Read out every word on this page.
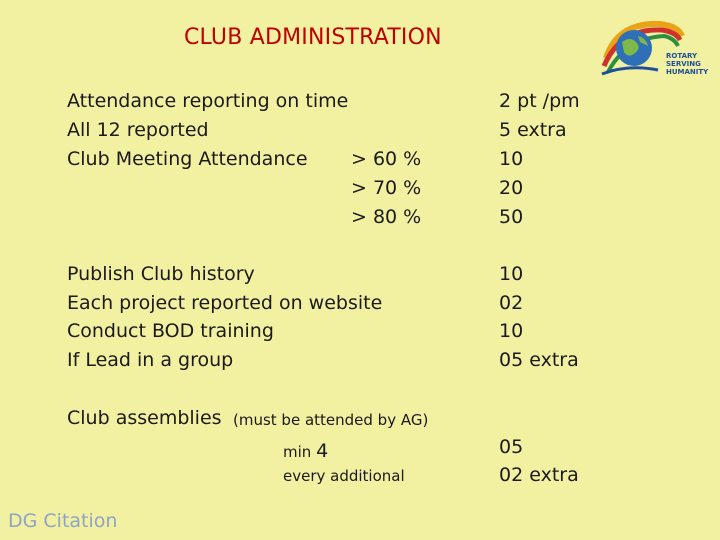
CLUB ADMINISTRATION
ROTARY
SERVING
HUMANITY
Attendance reporting on time
All 12 reported
Club Meeting Attendance > 60 %
> 70 %
> 80 %
Publish Club history
Each project reported on website
Conduct BOD training
If Lead in a group
Club assemblies (must be attended by AG)
min 4
every additional
2 pt /pm
5 extra
10
20
50
10
02
10
05 extra
05
02 extra
DG Citation
